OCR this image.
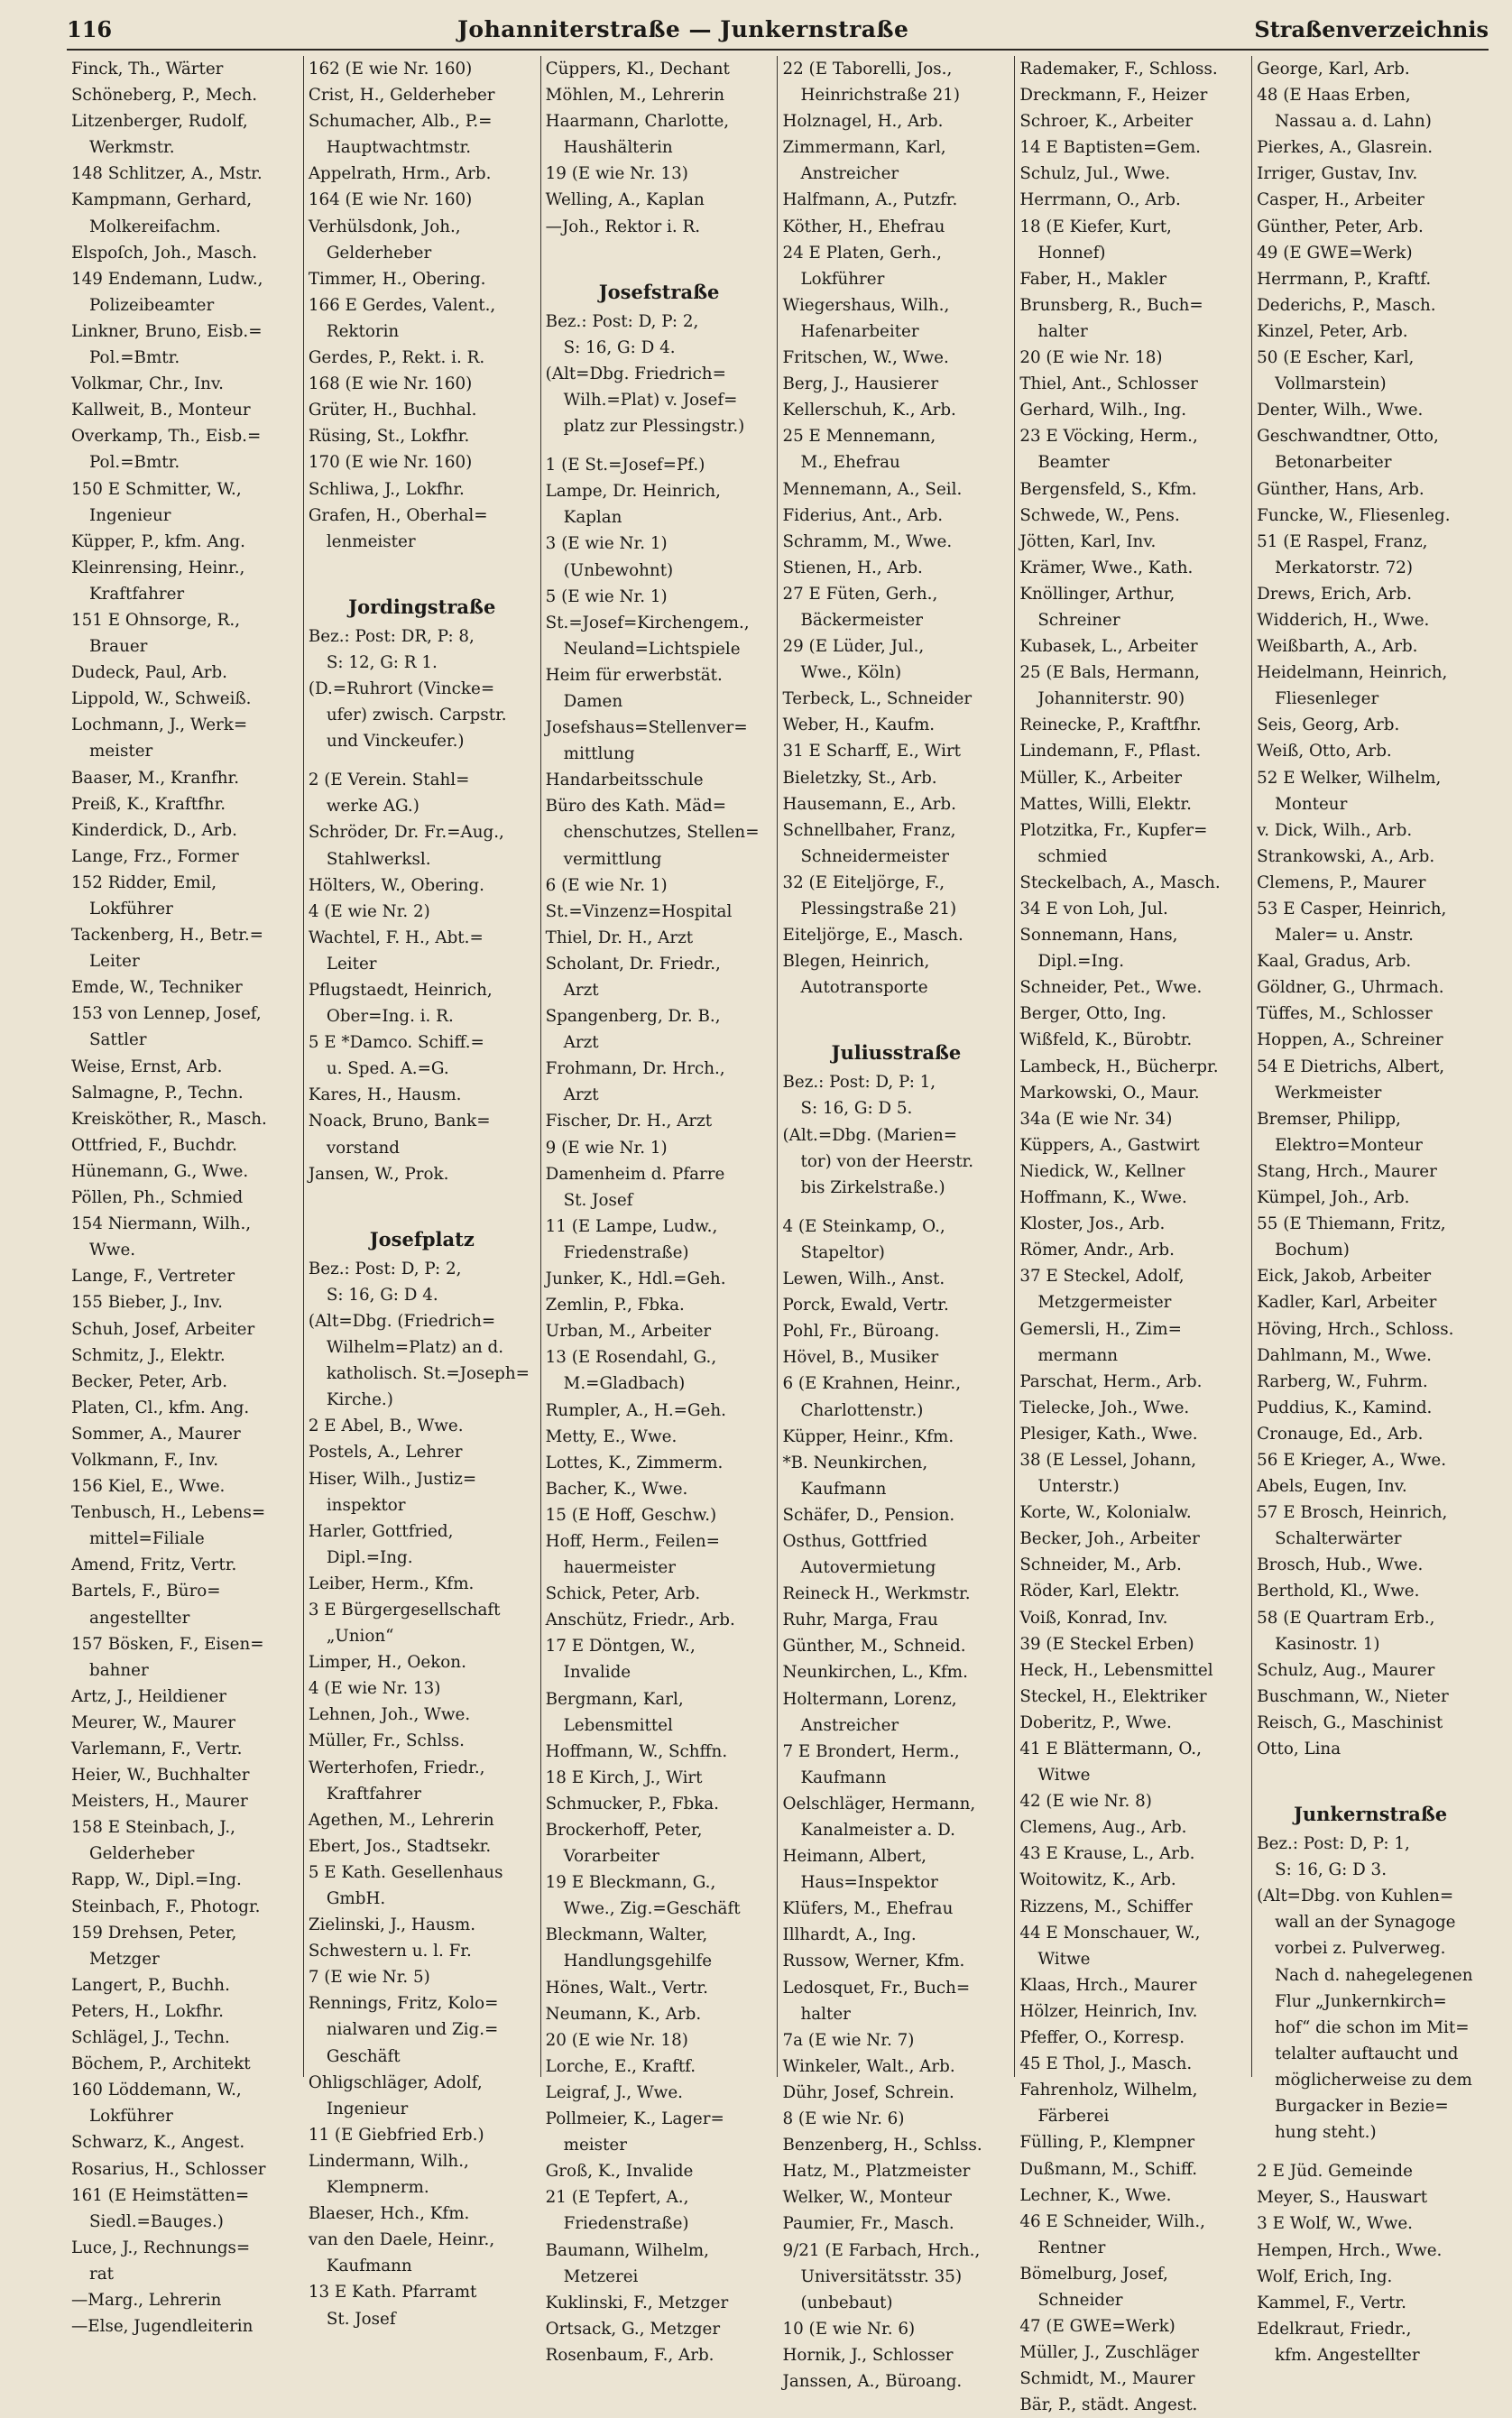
116	Johanniterstraße — Junkernstraße	Straßenverzeichnis
Finck, Th., Wärter
Schöneberg, P., Mech.
Litzenberger, Rudolf,
Werkmstr.
148 Schlitzer, A., Mstr.
Kampmann, Gerhard,
Molkereifachm.
Elspoſch, Joh., Masch.
149 Endemann, Ludw.,
Polizeibeamter
Linkner, Bruno, Eisb.=
Pol.=Bmtr.
Volkmar, Chr., Inv.
Kallweit, B., Monteur
Overkamp, Th., Eisb.=
Pol.=Bmtr.
150 E Schmitter, W.,
Ingenieur
Küpper, P., kfm. Ang.
Kleinrensing, Heinr.,
Kraftfahrer
151 E Ohnsorge, R.,
Brauer
Dudeck, Paul, Arb.
Lippold, W., Schweiß.
Lochmann, J., Werk=
meister
Baaser, M., Kranfhr.
Preiß, K., Kraftfhr.
Kinderdick, D., Arb.
Lange, Frz., Former
152 Ridder, Emil,
Lokführer
Tackenberg, H., Betr.=
Leiter
Emde, W., Techniker
153 von Lennep, Josef,
Sattler
Weise, Ernst, Arb.
Salmagne, P., Techn.
Kreisköther, R., Masch.
Ottfried, F., Buchdr.
Hünemann, G., Wwe.
Pöllen, Ph., Schmied
154 Niermann, Wilh.,
Wwe.
Lange, F., Vertreter
155 Bieber, J., Inv.
Schuh, Josef, Arbeiter
Schmitz, J., Elektr.
Becker, Peter, Arb.
Platen, Cl., kfm. Ang.
Sommer, A., Maurer
Volkmann, F., Inv.
156 Kiel, E., Wwe.
Tenbusch, H., Lebens=
mittel=Filiale
Amend, Fritz, Vertr.
Bartels, F., Büro=
angestellter
157 Bösken, F., Eisen=
bahner
Artz, J., Heildiener
Meurer, W., Maurer
Varlemann, F., Vertr.
Heier, W., Buchhalter
Meisters, H., Maurer
158 E Steinbach, J.,
Gelderheber
Rapp, W., Dipl.=Ing.
Steinbach, F., Photogr.
159 Drehsen, Peter,
Metzger
Langert, P., Buchh.
Peters, H., Lokfhr.
Schlägel, J., Techn.
Böchem, P., Architekt
160 Löddemann, W.,
Lokführer
Schwarz, K., Angest.
Rosarius, H., Schlosser
161 (E Heimstätten=
Siedl.=Bauges.)
Luce, J., Rechnungs=
rat
—Marg., Lehrerin
—Else, Jugendleiterin
162 (E wie Nr. 160)
Crist, H., Gelderheber
Schumacher, Alb., P.=
Hauptwachtmstr.
Appelrath, Hrm., Arb.
164 (E wie Nr. 160)
Verhülsdonk, Joh.,
Gelderheber
Timmer, H., Obering.
166 E Gerdes, Valent.,
Rektorin
Gerdes, P., Rekt. i. R.
168 (E wie Nr. 160)
Grüter, H., Buchhal.
Rüsing, St., Lokfhr.
170 (E wie Nr. 160)
Schliwa, J., Lokfhr.
Grafen, H., Oberhal=
lenmeister
Jordingstraße
Bez.: Post: DR, P: 8,
S: 12, G: R 1.
(D.=Ruhrort (Vincke=
ufer) zwisch. Carpstr.
und Vinckeufer.)
2 (E Verein. Stahl=
werke AG.)
Schröder, Dr. Fr.=Aug.,
Stahlwerksl.
Hölters, W., Obering.
4 (E wie Nr. 2)
Wachtel, F. H., Abt.=
Leiter
Pflugstaedt, Heinrich,
Ober=Ing. i. R.
5 E *Damco. Schiff.=
u. Sped. A.=G.
Kares, H., Hausm.
Noack, Bruno, Bank=
vorstand
Jansen, W., Prok.
Josefplatz
Bez.: Post: D, P: 2,
S: 16, G: D 4.
(Alt=Dbg. (Friedrich=
Wilhelm=Platz) an d.
katholisch. St.=Joseph=
Kirche.)
2 E Abel, B., Wwe.
Postels, A., Lehrer
Hiser, Wilh., Justiz=
inspektor
Harler, Gottfried,
Dipl.=Ing.
Leiber, Herm., Kfm.
3 E Bürgergesellschaft
„Union“
Limper, H., Oekon.
4 (E wie Nr. 13)
Lehnen, Joh., Wwe.
Müller, Fr., Schlss.
Werterhofen, Friedr.,
Kraftfahrer
Agethen, M., Lehrerin
Ebert, Jos., Stadtsekr.
5 E Kath. Gesellenhaus
GmbH.
Zielinski, J., Hausm.
Schwestern u. l. Fr.
7 (E wie Nr. 5)
Rennings, Fritz, Kolo=
nialwaren und Zig.=
Geschäft
Ohligschläger, Adolf,
Ingenieur
11 (E Giebfried Erb.)
Lindermann, Wilh.,
Klempnerm.
Blaeser, Hch., Kfm.
van den Daele, Heinr.,
Kaufmann
13 E Kath. Pfarramt
St. Josef
Cüppers, Kl., Dechant
Möhlen, M., Lehrerin
Haarmann, Charlotte,
Haushälterin
19 (E wie Nr. 13)
Welling, A., Kaplan
—Joh., Rektor i. R.
Josefstraße
Bez.: Post: D, P: 2,
S: 16, G: D 4.
(Alt=Dbg. Friedrich=
Wilh.=Plat) v. Josef=
platz zur Plessingstr.)
1 (E St.=Josef=Pf.)
Lampe, Dr. Heinrich,
Kaplan
3 (E wie Nr. 1)
(Unbewohnt)
5 (E wie Nr. 1)
St.=Josef=Kirchengem.,
Neuland=Lichtspiele
Heim für erwerbstät.
Damen
Josefshaus=Stellenver=
mittlung
Handarbeitsschule
Büro des Kath. Mäd=
chenschutzes, Stellen=
vermittlung
6 (E wie Nr. 1)
St.=Vinzenz=Hospital
Thiel, Dr. H., Arzt
Scholant, Dr. Friedr.,
Arzt
Spangenberg, Dr. B.,
Arzt
Frohmann, Dr. Hrch.,
Arzt
Fischer, Dr. H., Arzt
9 (E wie Nr. 1)
Damenheim d. Pfarre
St. Josef
11 (E Lampe, Ludw.,
Friedenstraße)
Junker, K., Hdl.=Geh.
Zemlin, P., Fbka.
Urban, M., Arbeiter
13 (E Rosendahl, G.,
M.=Gladbach)
Rumpler, A., H.=Geh.
Metty, E., Wwe.
Lottes, K., Zimmerm.
Bacher, K., Wwe.
15 (E Hoff, Geschw.)
Hoff, Herm., Feilen=
hauermeister
Schick, Peter, Arb.
Anschütz, Friedr., Arb.
17 E Döntgen, W.,
Invalide
Bergmann, Karl,
Lebensmittel
Hoffmann, W., Schffn.
18 E Kirch, J., Wirt
Schmucker, P., Fbka.
Brockerhoff, Peter,
Vorarbeiter
19 E Bleckmann, G.,
Wwe., Zig.=Geschäft
Bleckmann, Walter,
Handlungsgehilfe
Hönes, Walt., Vertr.
Neumann, K., Arb.
20 (E wie Nr. 18)
Lorche, E., Kraftf.
Leigraf, J., Wwe.
Pollmeier, K., Lager=
meister
Groß, K., Invalide
21 (E Tepfert, A.,
Friedenstraße)
Baumann, Wilhelm,
Metzerei
Kuklinski, F., Metzger
Ortsack, G., Metzger
Rosenbaum, F., Arb.
22 (E Taborelli, Jos.,
Heinrichstraße 21)
Holznagel, H., Arb.
Zimmermann, Karl,
Anstreicher
Halfmann, A., Putzfr.
Köther, H., Ehefrau
24 E Platen, Gerh.,
Lokführer
Wiegershaus, Wilh.,
Hafenarbeiter
Fritschen, W., Wwe.
Berg, J., Hausierer
Kellerschuh, K., Arb.
25 E Mennemann,
M., Ehefrau
Mennemann, A., Seil.
Fiderius, Ant., Arb.
Schramm, M., Wwe.
Stienen, H., Arb.
27 E Füten, Gerh.,
Bäckermeister
29 (E Lüder, Jul.,
Wwe., Köln)
Terbeck, L., Schneider
Weber, H., Kaufm.
31 E Scharff, E., Wirt
Bieletzky, St., Arb.
Hausemann, E., Arb.
Schnellbaher, Franz,
Schneidermeister
32 (E Eiteljörge, F.,
Plessingstraße 21)
Eiteljörge, E., Masch.
Blegen, Heinrich,
Autotransporte
Juliusstraße
Bez.: Post: D, P: 1,
S: 16, G: D 5.
(Alt.=Dbg. (Marien=
tor) von der Heerstr.
bis Zirkelstraße.)
4 (E Steinkamp, O.,
Stapeltor)
Lewen, Wilh., Anst.
Porck, Ewald, Vertr.
Pohl, Fr., Büroang.
Hövel, B., Musiker
6 (E Krahnen, Heinr.,
Charlottenstr.)
Küpper, Heinr., Kfm.
*B. Neunkirchen,
Kaufmann
Schäfer, D., Pension.
Osthus, Gottfried
Autovermietung
Reineck H., Werkmstr.
Ruhr, Marga, Frau
Günther, M., Schneid.
Neunkirchen, L., Kfm.
Holtermann, Lorenz,
Anstreicher
7 E Brondert, Herm.,
Kaufmann
Oelschläger, Hermann,
Kanalmeister a. D.
Heimann, Albert,
Haus=Inspektor
Klüfers, M., Ehefrau
Illhardt, A., Ing.
Russow, Werner, Kfm.
Ledosquet, Fr., Buch=
halter
7a (E wie Nr. 7)
Winkeler, Walt., Arb.
Dühr, Josef, Schrein.
8 (E wie Nr. 6)
Benzenberg, H., Schlss.
Hatz, M., Platzmeister
Welker, W., Monteur
Paumier, Fr., Masch.
9/21 (E Farbach, Hrch.,
Universitätsstr. 35)
(unbebaut)
10 (E wie Nr. 6)
Hornik, J., Schlosser
Janssen, A., Büroang.
Rademaker, F., Schloss.
Dreckmann, F., Heizer
Schroer, K., Arbeiter
14 E Baptisten=Gem.
Schulz, Jul., Wwe.
Herrmann, O., Arb.
18 (E Kiefer, Kurt,
Honnef)
Faber, H., Makler
Brunsberg, R., Buch=
halter
20 (E wie Nr. 18)
Thiel, Ant., Schlosser
Gerhard, Wilh., Ing.
23 E Vöcking, Herm.,
Beamter
Bergensfeld, S., Kfm.
Schwede, W., Pens.
Jötten, Karl, Inv.
Krämer, Wwe., Kath.
Knöllinger, Arthur,
Schreiner
Kubasek, L., Arbeiter
25 (E Bals, Hermann,
Johanniterstr. 90)
Reinecke, P., Kraftfhr.
Lindemann, F., Pflast.
Müller, K., Arbeiter
Mattes, Willi, Elektr.
Plotzitka, Fr., Kupfer=
schmied
Steckelbach, A., Masch.
34 E von Loh, Jul.
Sonnemann, Hans,
Dipl.=Ing.
Schneider, Pet., Wwe.
Berger, Otto, Ing.
Wißfeld, K., Bürobtr.
Lambeck, H., Bücherpr.
Markowski, O., Maur.
34a (E wie Nr. 34)
Küppers, A., Gastwirt
Niedick, W., Kellner
Hoffmann, K., Wwe.
Kloster, Jos., Arb.
Römer, Andr., Arb.
37 E Steckel, Adolf,
Metzgermeister
Gemersli, H., Zim=
mermann
Parschat, Herm., Arb.
Tielecke, Joh., Wwe.
Plesiger, Kath., Wwe.
38 (E Lessel, Johann,
Unterstr.)
Korte, W., Kolonialw.
Becker, Joh., Arbeiter
Schneider, M., Arb.
Röder, Karl, Elektr.
Voiß, Konrad, Inv.
39 (E Steckel Erben)
Heck, H., Lebensmittel
Steckel, H., Elektriker
Doberitz, P., Wwe.
41 E Blättermann, O.,
Witwe
42 (E wie Nr. 8)
Clemens, Aug., Arb.
43 E Krause, L., Arb.
Woitowitz, K., Arb.
Rizzens, M., Schiffer
44 E Monschauer, W.,
Witwe
Klaas, Hrch., Maurer
Hölzer, Heinrich, Inv.
Pfeffer, O., Korresp.
45 E Thol, J., Masch.
Fahrenholz, Wilhelm,
Färberei
Fülling, P., Klempner
Dußmann, M., Schiff.
Lechner, K., Wwe.
46 E Schneider, Wilh.,
Rentner
Bömelburg, Josef,
Schneider
47 (E GWE=Werk)
Müller, J., Zuschläger
Schmidt, M., Maurer
Bär, P., städt. Angest.
George, Karl, Arb.
48 (E Haas Erben,
Nassau a. d. Lahn)
Pierkes, A., Glasrein.
Irriger, Gustav, Inv.
Casper, H., Arbeiter
Günther, Peter, Arb.
49 (E GWE=Werk)
Herrmann, P., Kraftf.
Dederichs, P., Masch.
Kinzel, Peter, Arb.
50 (E Escher, Karl,
Vollmarstein)
Denter, Wilh., Wwe.
Geschwandtner, Otto,
Betonarbeiter
Günther, Hans, Arb.
Funcke, W., Fliesenleg.
51 (E Raspel, Franz,
Merkatorstr. 72)
Drews, Erich, Arb.
Widderich, H., Wwe.
Weißbarth, A., Arb.
Heidelmann, Heinrich,
Fliesenleger
Seis, Georg, Arb.
Weiß, Otto, Arb.
52 E Welker, Wilhelm,
Monteur
v. Dick, Wilh., Arb.
Strankowski, A., Arb.
Clemens, P., Maurer
53 E Casper, Heinrich,
Maler= u. Anstr.
Kaal, Gradus, Arb.
Göldner, G., Uhrmach.
Tüffes, M., Schlosser
Hoppen, A., Schreiner
54 E Dietrichs, Albert,
Werkmeister
Bremser, Philipp,
Elektro=Monteur
Stang, Hrch., Maurer
Kümpel, Joh., Arb.
55 (E Thiemann, Fritz,
Bochum)
Eick, Jakob, Arbeiter
Kadler, Karl, Arbeiter
Höving, Hrch., Schloss.
Dahlmann, M., Wwe.
Rarberg, W., Fuhrm.
Puddius, K., Kamind.
Cronauge, Ed., Arb.
56 E Krieger, A., Wwe.
Abels, Eugen, Inv.
57 E Brosch, Heinrich,
Schalterwärter
Brosch, Hub., Wwe.
Berthold, Kl., Wwe.
58 (E Quartram Erb.,
Kasinostr. 1)
Schulz, Aug., Maurer
Buschmann, W., Nieter
Reisch, G., Maschinist
Otto, Lina
Junkernstraße
Bez.: Post: D, P: 1,
S: 16, G: D 3.
(Alt=Dbg. von Kuhlen=
wall an der Synagoge
vorbei z. Pulverweg.
Nach d. nahegelegenen
Flur „Junkernkirch=
hof“ die schon im Mit=
telalter auftaucht und
möglicherweise zu dem
Burgacker in Bezie=
hung steht.)
2 E Jüd. Gemeinde
Meyer, S., Hauswart
3 E Wolf, W., Wwe.
Hempen, Hrch., Wwe.
Wolf, Erich, Ing.
Kammel, F., Vertr.
Edelkraut, Friedr.,
kfm. Angestellter
